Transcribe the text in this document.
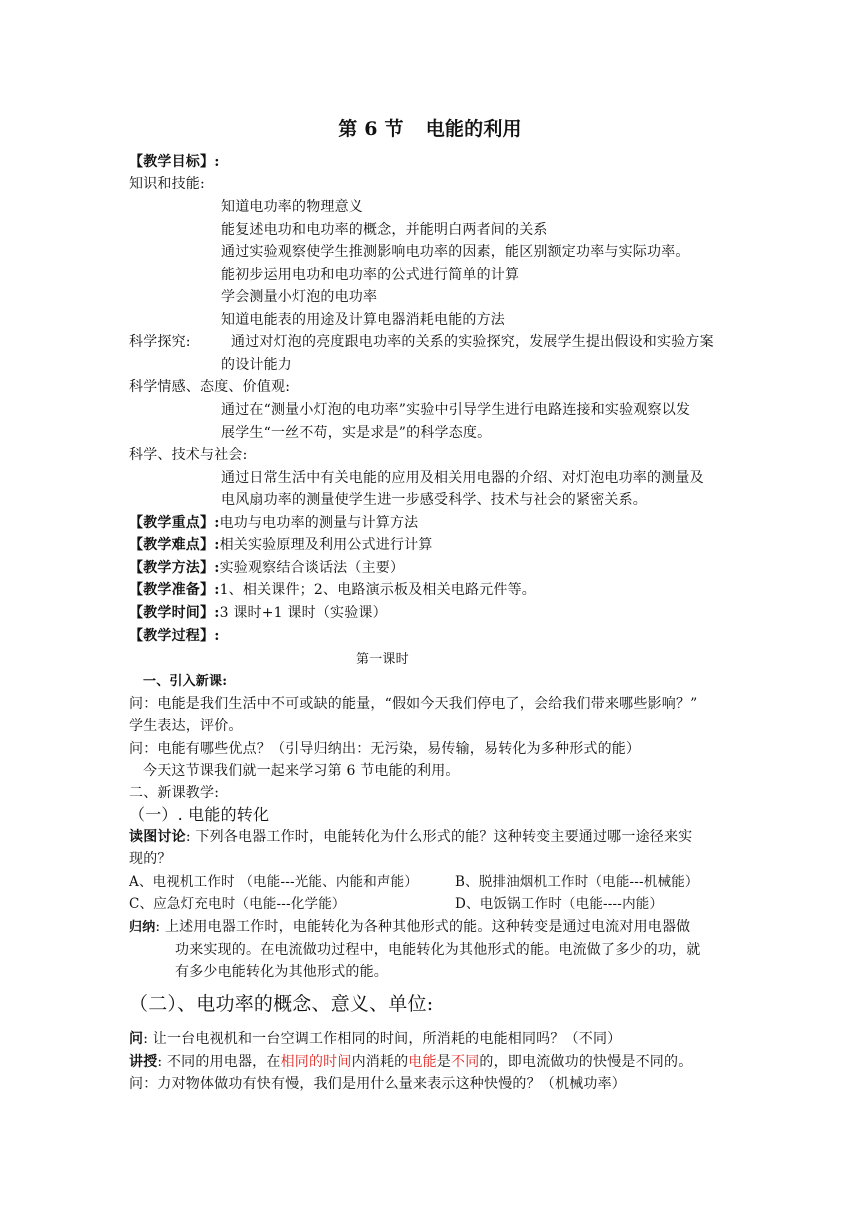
第 6 节 电能的利用
【教学目标】:
知识和技能:
知道电功率的物理意义
能复述电功和电功率的概念，并能明白两者间的关系
通过实验观察使学生推测影响电功率的因素，能区别额定功率与实际功率。
能初步运用电功和电功率的公式进行简单的计算
学会测量小灯泡的电功率
知道电能表的用途及计算电器消耗电能的方法
科学探究:	通过对灯泡的亮度跟电功率的关系的实验探究，发展学生提出假设和实验方案
的设计能力
科学情感、态度、价值观:
通过在“测量小灯泡的电功率”实验中引导学生进行电路连接和实验观察以发
展学生“一丝不苟，实是求是”的科学态度。
科学、技术与社会:
通过日常生活中有关电能的应用及相关用电器的介绍、对灯泡电功率的测量及
电风扇功率的测量使学生进一步感受科学、技术与社会的紧密关系。
【教学重点】:电功与电功率的测量与计算方法
【教学难点】:相关实验原理及利用公式进行计算
【教学方法】:实验观察结合谈话法（主要）
【教学准备】:1、相关课件；2、电路演示板及相关电路元件等。
【教学时间】:3 课时+1 课时（实验课）
【教学过程】:
第一课时
一、引入新课:
问：电能是我们生活中不可或缺的能量，“假如今天我们停电了，会给我们带来哪些影响？”
学生表达，评价。
问：电能有哪些优点？（引导归纳出：无污染，易传输，易转化为多种形式的能）
今天这节课我们就一起来学习第 6 节电能的利用。
二、新课教学:
（一）. 电能的转化
读图讨论: 下列各电器工作时，电能转化为什么形式的能？这种转变主要通过哪一途径来实
现的？
A、电视机工作时 （电能---光能、内能和声能）	B、脱排油烟机工作时（电能---机械能）
C、应急灯充电时（电能---化学能）	D、电饭锅工作时（电能----内能）
归纳: 上述用电器工作时，电能转化为各种其他形式的能。这种转变是通过电流对用电器做
功来实现的。在电流做功过程中，电能转化为其他形式的能。电流做了多少的功，就
有多少电能转化为其他形式的能。
（二）、电功率的概念、意义、单位:
问: 让一台电视机和一台空调工作相同的时间，所消耗的电能相同吗？（不同）
讲授: 不同的用电器，在相同的时间内消耗的电能是不同的，即电流做功的快慢是不同的。
问：力对物体做功有快有慢，我们是用什么量来表示这种快慢的？（机械功率）
